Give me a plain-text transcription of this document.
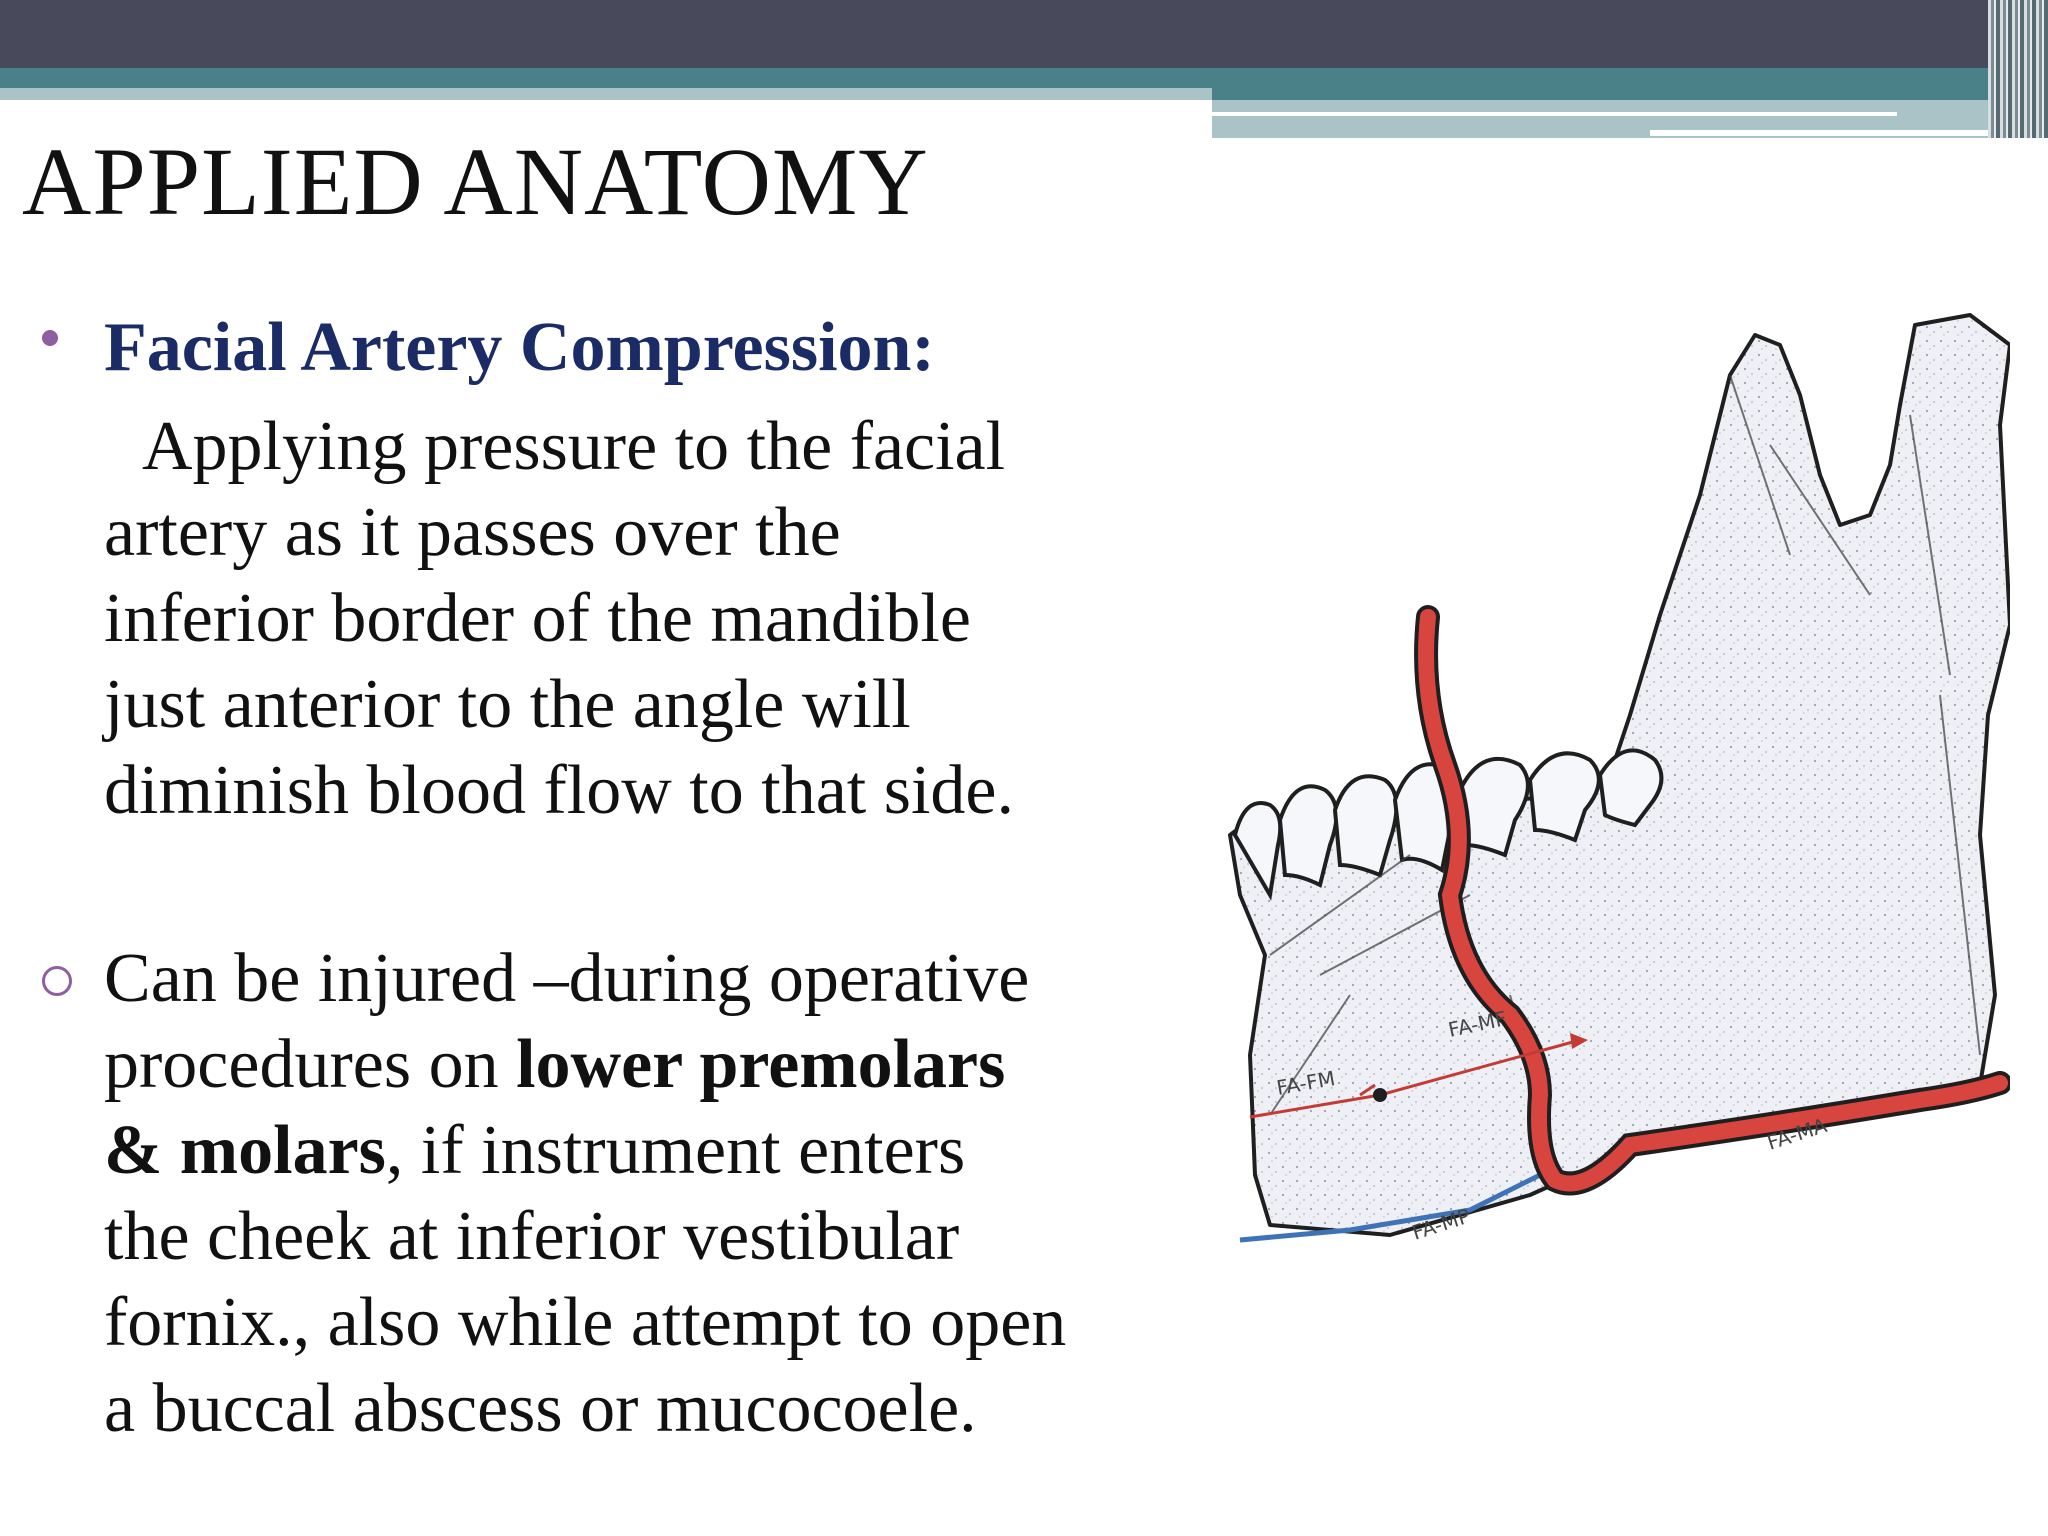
APPLIED ANATOMY
Facial Artery Compression:
Applying pressure to the facial
artery as it passes over the
inferior border of the mandible
just anterior to the angle will
diminish blood flow to that side.
Can be injured –during operative
procedures on lower premolars
& molars, if instrument enters
the cheek at inferior vestibular
fornix., also while attempt to open
a buccal abscess or mucocoele.
FA-MF
FA-FM
FA-MA
FA-MP
